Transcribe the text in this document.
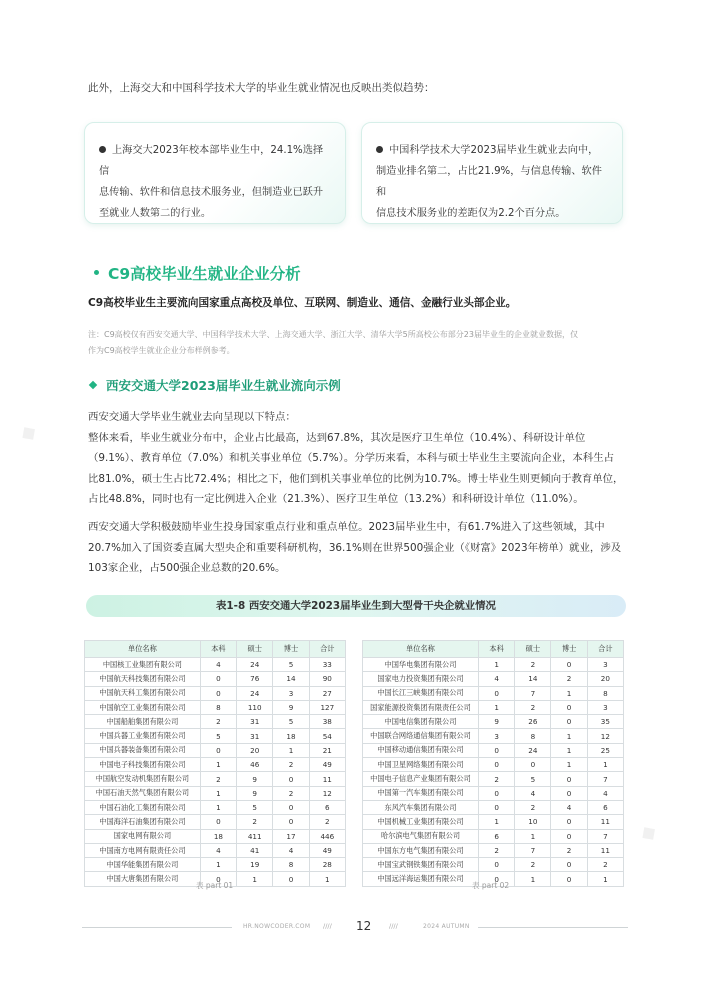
◆
◆
此外，上海交大和中国科学技术大学的毕业生就业情况也反映出类似趋势：
上海交大2023年校本部毕业生中，24.1%选择信
息传输、软件和信息技术服务业，但制造业已跃升
至就业人数第二的行业。
中国科学技术大学2023届毕业生就业去向中，
制造业排名第二，占比21.9%，与信息传输、软件和
信息技术服务业的差距仅为2.2个百分点。
C9高校毕业生就业企业分析
C9高校毕业生主要流向国家重点高校及单位、互联网、制造业、通信、金融行业头部企业。
注：C9高校仅有西安交通大学、中国科学技术大学、上海交通大学、浙江大学、清华大学5所高校公布部分23届毕业生的企业就业数据，仅
作为C9高校学生就业企业分布样例参考。
西安交通大学2023届毕业生就业流向示例
西安交通大学毕业生就业去向呈现以下特点：
整体来看，毕业生就业分布中，企业占比最高，达到67.8%，其次是医疗卫生单位（10.4%）、科研设计单位
（9.1%）、教育单位（7.0%）和机关事业单位（5.7%）。分学历来看，本科与硕士毕业生主要流向企业，本科生占
比81.0%，硕士生占比72.4%；相比之下，他们到机关事业单位的比例为10.7%。博士毕业生则更倾向于教育单位，
占比48.8%，同时也有一定比例进入企业（21.3%）、医疗卫生单位（13.2%）和科研设计单位（11.0%）。
西安交通大学积极鼓励毕业生投身国家重点行业和重点单位。2023届毕业生中，有61.7%进入了这些领域，其中
20.7%加入了国资委直属大型央企和重要科研机构，36.1%则在世界500强企业（《财富》2023年榜单）就业，涉及
103家企业，占500强企业总数的20.6%。
表1-8 西安交通大学2023届毕业生到大型骨干央企就业情况
单位名称	本科	硕士	博士	合计
中国核工业集团有限公司	4	24	5	33
中国航天科技集团有限公司	0	76	14	90
中国航天科工集团有限公司	0	24	3	27
中国航空工业集团有限公司	8	110	9	127
中国船舶集团有限公司	2	31	5	38
中国兵器工业集团有限公司	5	31	18	54
中国兵器装备集团有限公司	0	20	1	21
中国电子科技集团有限公司	1	46	2	49
中国航空发动机集团有限公司	2	9	0	11
中国石油天然气集团有限公司	1	9	2	12
中国石油化工集团有限公司	1	5	0	6
中国海洋石油集团有限公司	0	2	0	2
国家电网有限公司	18	411	17	446
中国南方电网有限责任公司	4	41	4	49
中国华能集团有限公司	1	19	8	28
中国大唐集团有限公司	0	1	0	1
单位名称	本科	硕士	博士	合计
中国华电集团有限公司	1	2	0	3
国家电力投资集团有限公司	4	14	2	20
中国长江三峡集团有限公司	0	7	1	8
国家能源投资集团有限责任公司	1	2	0	3
中国电信集团有限公司	9	26	0	35
中国联合网络通信集团有限公司	3	8	1	12
中国移动通信集团有限公司	0	24	1	25
中国卫星网络集团有限公司	0	0	1	1
中国电子信息产业集团有限公司	2	5	0	7
中国第一汽车集团有限公司	0	4	0	4
东风汽车集团有限公司	0	2	4	6
中国机械工业集团有限公司	1	10	0	11
哈尔滨电气集团有限公司	6	1	0	7
中国东方电气集团有限公司	2	7	2	11
中国宝武钢铁集团有限公司	0	2	0	2
中国远洋海运集团有限公司	0	1	0	1
表 part 01	表 part 02
HR.NOWCODER.COM //// 12	////	2024 AUTUMN
